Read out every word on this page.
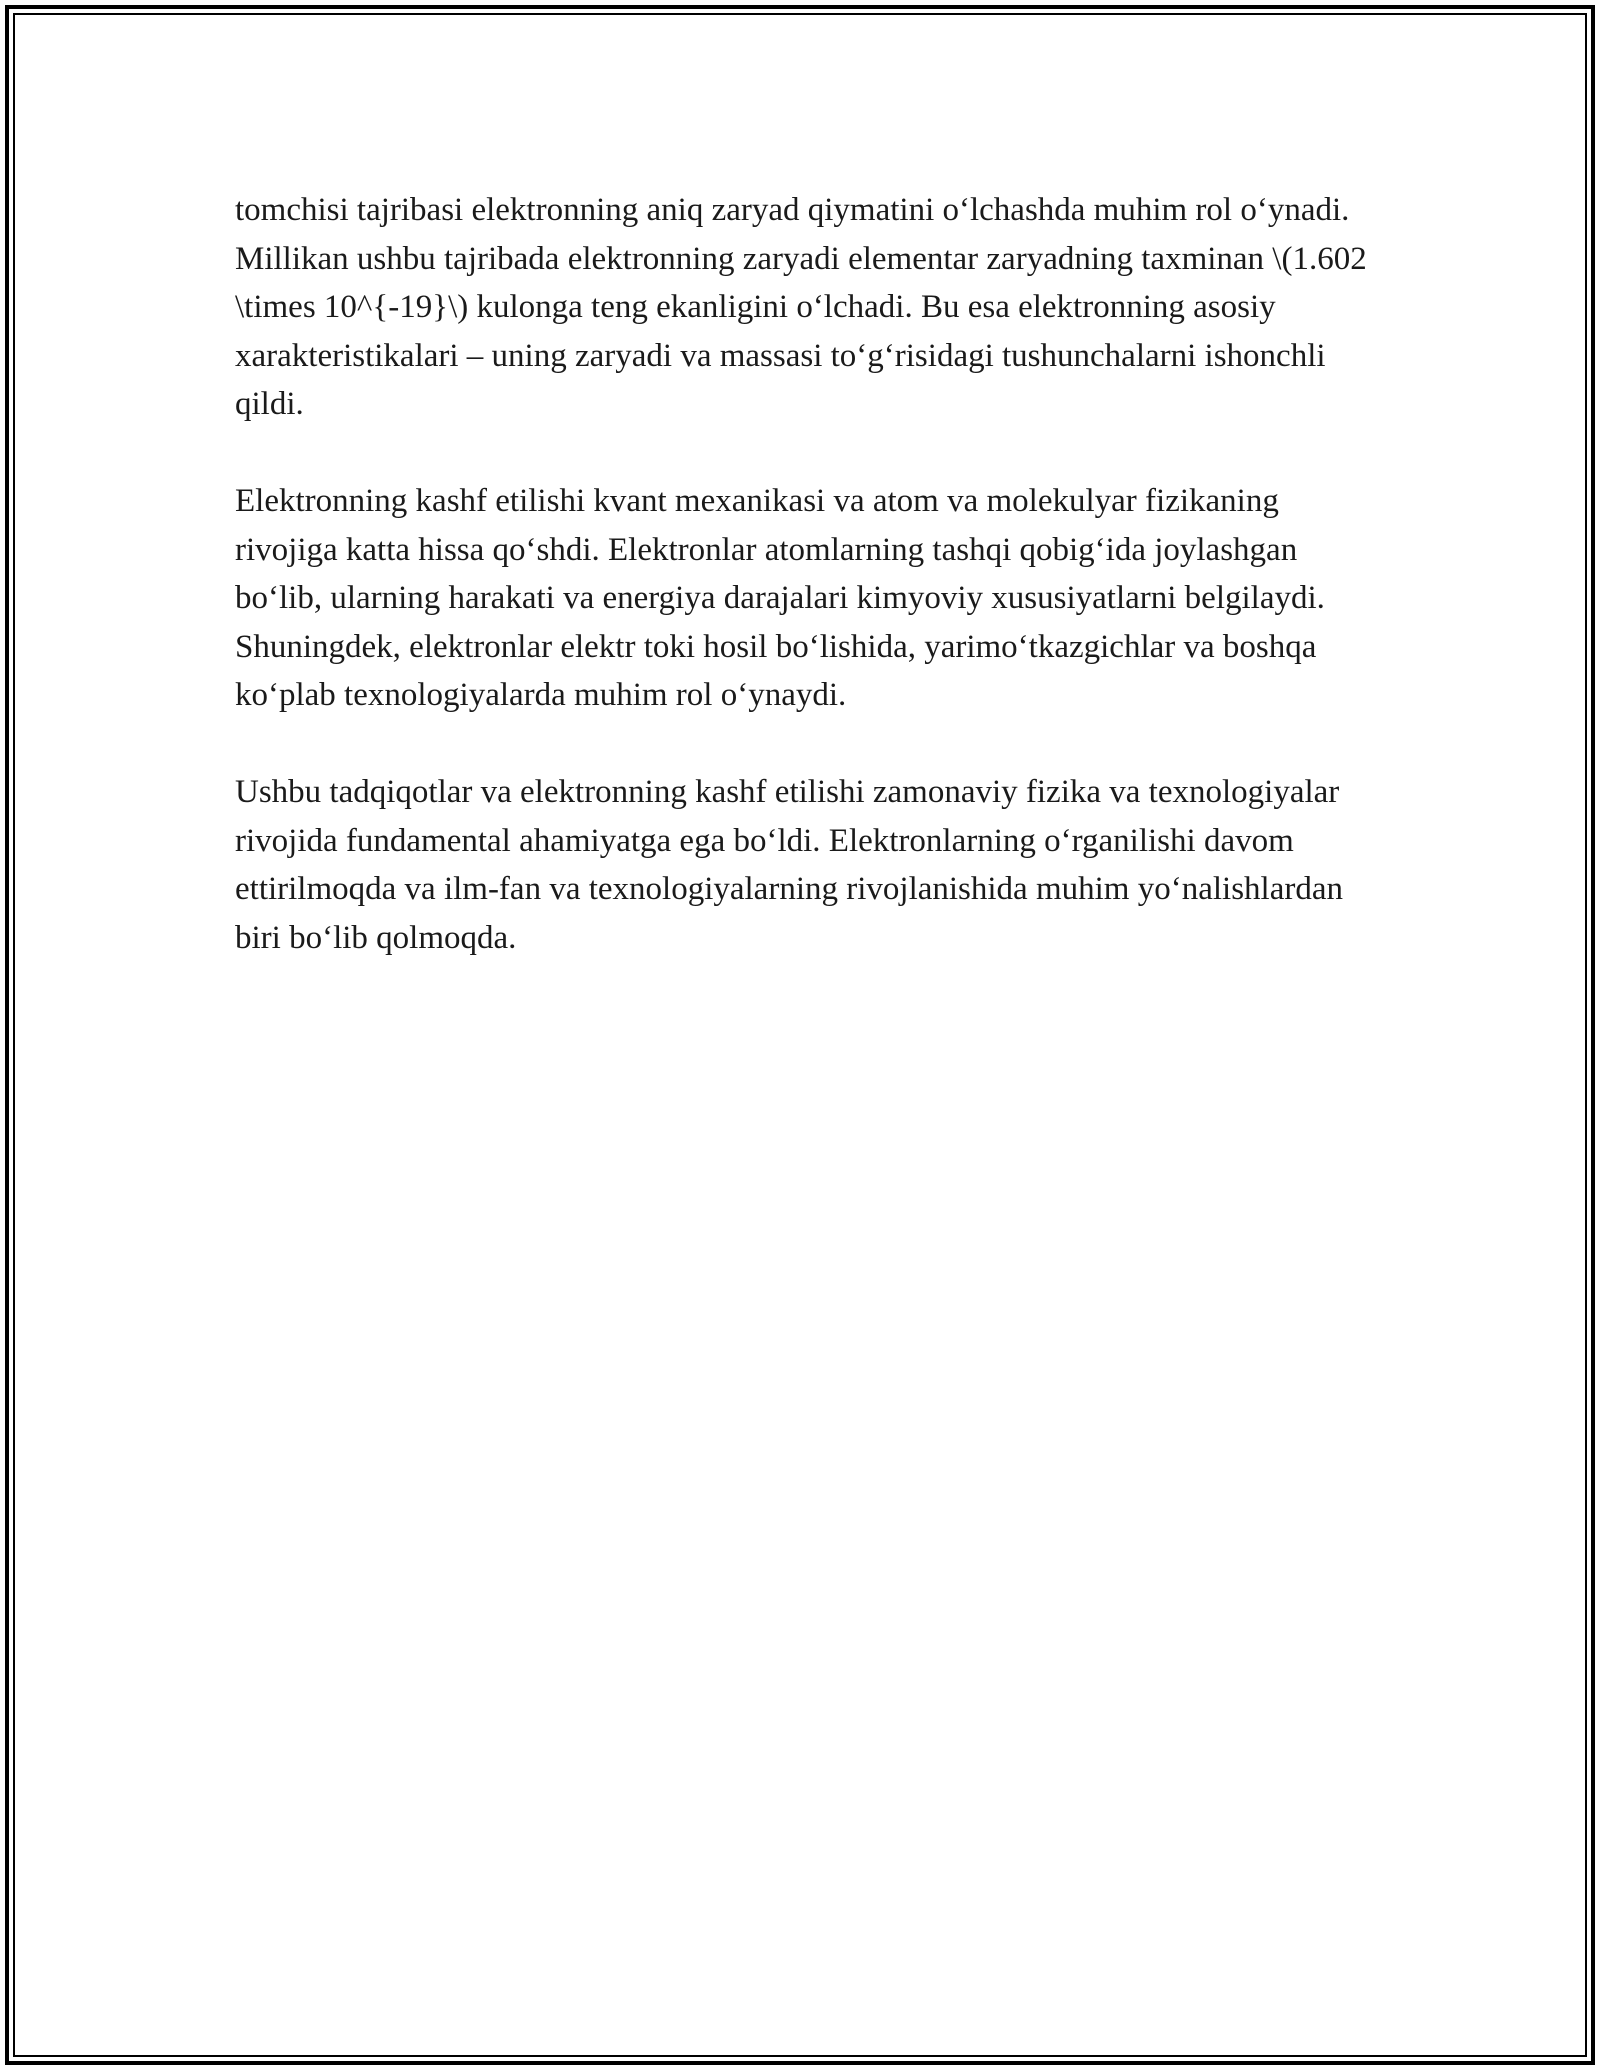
tomchisi tajribasi elektronning aniq zaryad qiymatini o‘lchashda muhim rol o‘ynadi. Millikan ushbu tajribada elektronning zaryadi elementar zaryadning taxminan \(1.602 \times 10^{-19}\) kulonga teng ekanligini o‘lchadi. Bu esa elektronning asosiy xarakteristikalari – uning zaryadi va massasi to‘g‘risidagi tushunchalarni ishonchli qildi.

Elektronning kashf etilishi kvant mexanikasi va atom va molekulyar fizikaning rivojiga katta hissa qo‘shdi. Elektronlar atomlarning tashqi qobig‘ida joylashgan bo‘lib, ularning harakati va energiya darajalari kimyoviy xususiyatlarni belgilaydi. Shuningdek, elektronlar elektr toki hosil bo‘lishida, yarimo‘tkazgichlar va boshqa ko‘plab texnologiyalarda muhim rol o‘ynaydi.

Ushbu tadqiqotlar va elektronning kashf etilishi zamonaviy fizika va texnologiyalar rivojida fundamental ahamiyatga ega bo‘ldi. Elektronlarning o‘rganilishi davom ettirilmoqda va ilm-fan va texnologiyalarning rivojlanishida muhim yo‘nalishlardan biri bo‘lib qolmoqda.
